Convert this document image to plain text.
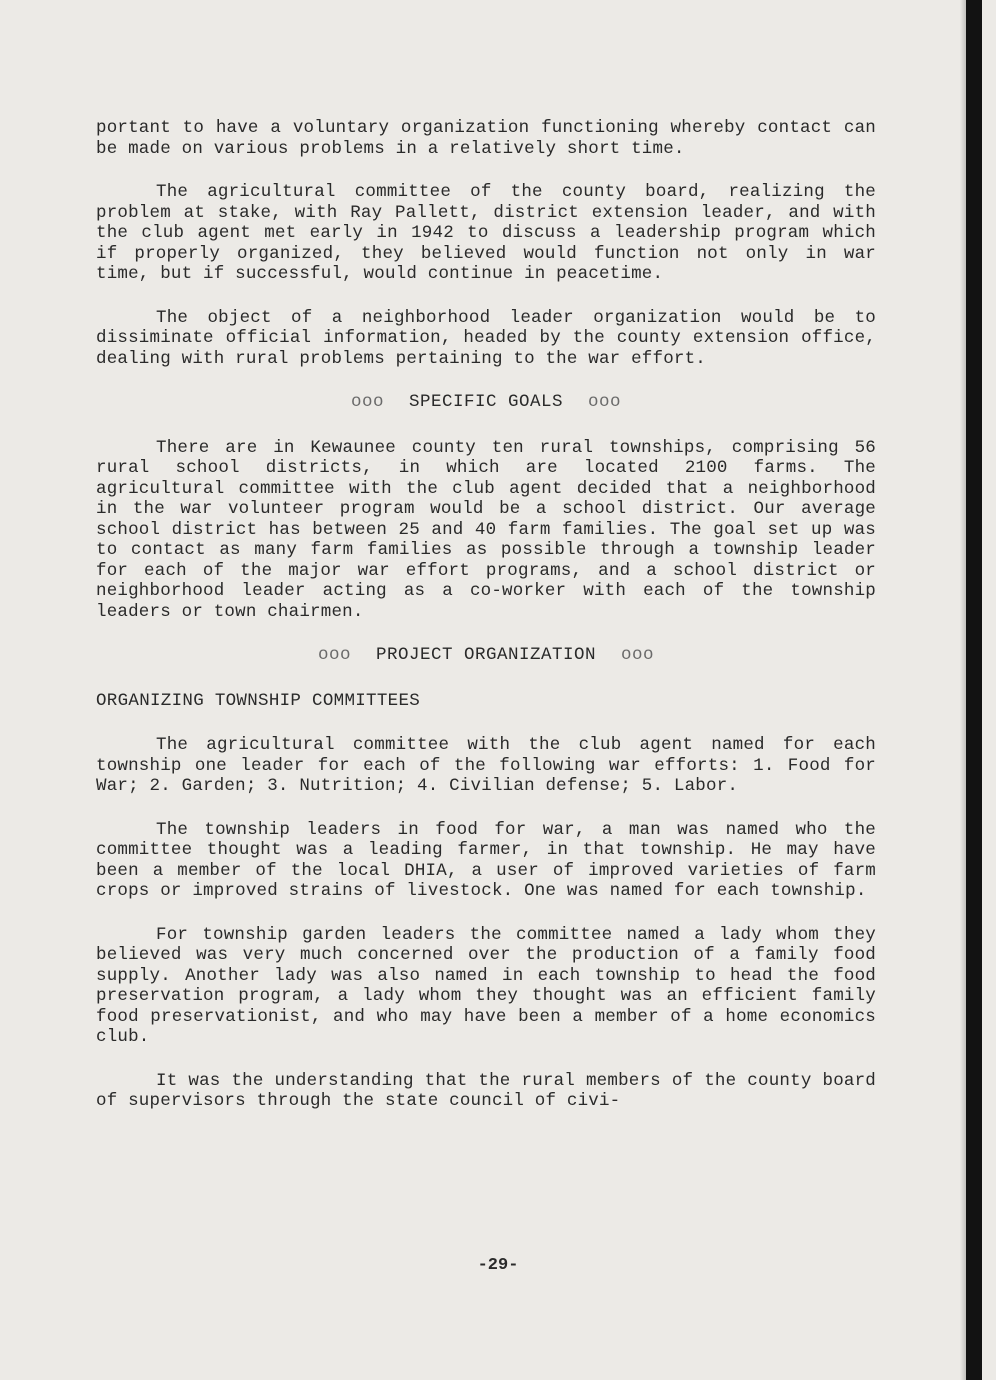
portant to have a voluntary organization functioning whereby contact can be made on various problems in a relatively short time.

The agricultural committee of the county board, realizing the problem at stake, with Ray Pallett, district extension leader, and with the club agent met early in 1942 to discuss a leadership program which if properly organized, they believed would function not only in war time, but if successful, would continue in peacetime.

The object of a neighborhood leader organization would be to dissiminate official information, headed by the county extension office, dealing with rural problems pertaining to the war effort.

ooo SPECIFIC GOALS ooo

There are in Kewaunee county ten rural townships, comprising 56 rural school districts, in which are located 2100 farms. The agricultural committee with the club agent decided that a neighborhood in the war volunteer program would be a school district. Our average school district has between 25 and 40 farm families. The goal set up was to contact as many farm families as possible through a township leader for each of the major war effort programs, and a school district or neighborhood leader acting as a co-worker with each of the township leaders or town chairmen.

ooo PROJECT ORGANIZATION ooo
ORGANIZING TOWNSHIP COMMITTEES

The agricultural committee with the club agent named for each township one leader for each of the following war efforts: 1. Food for War; 2. Garden; 3. Nutrition; 4. Civilian defense; 5. Labor.

The township leaders in food for war, a man was named who the committee thought was a leading farmer, in that township. He may have been a member of the local DHIA, a user of improved varieties of farm crops or improved strains of livestock. One was named for each township.

For township garden leaders the committee named a lady whom they believed was very much concerned over the production of a family food supply. Another lady was also named in each township to head the food preservation program, a lady whom they thought was an efficient family food preservationist, and who may have been a member of a home economics club.

It was the understanding that the rural members of the county board of supervisors through the state council of civi-

-29-
